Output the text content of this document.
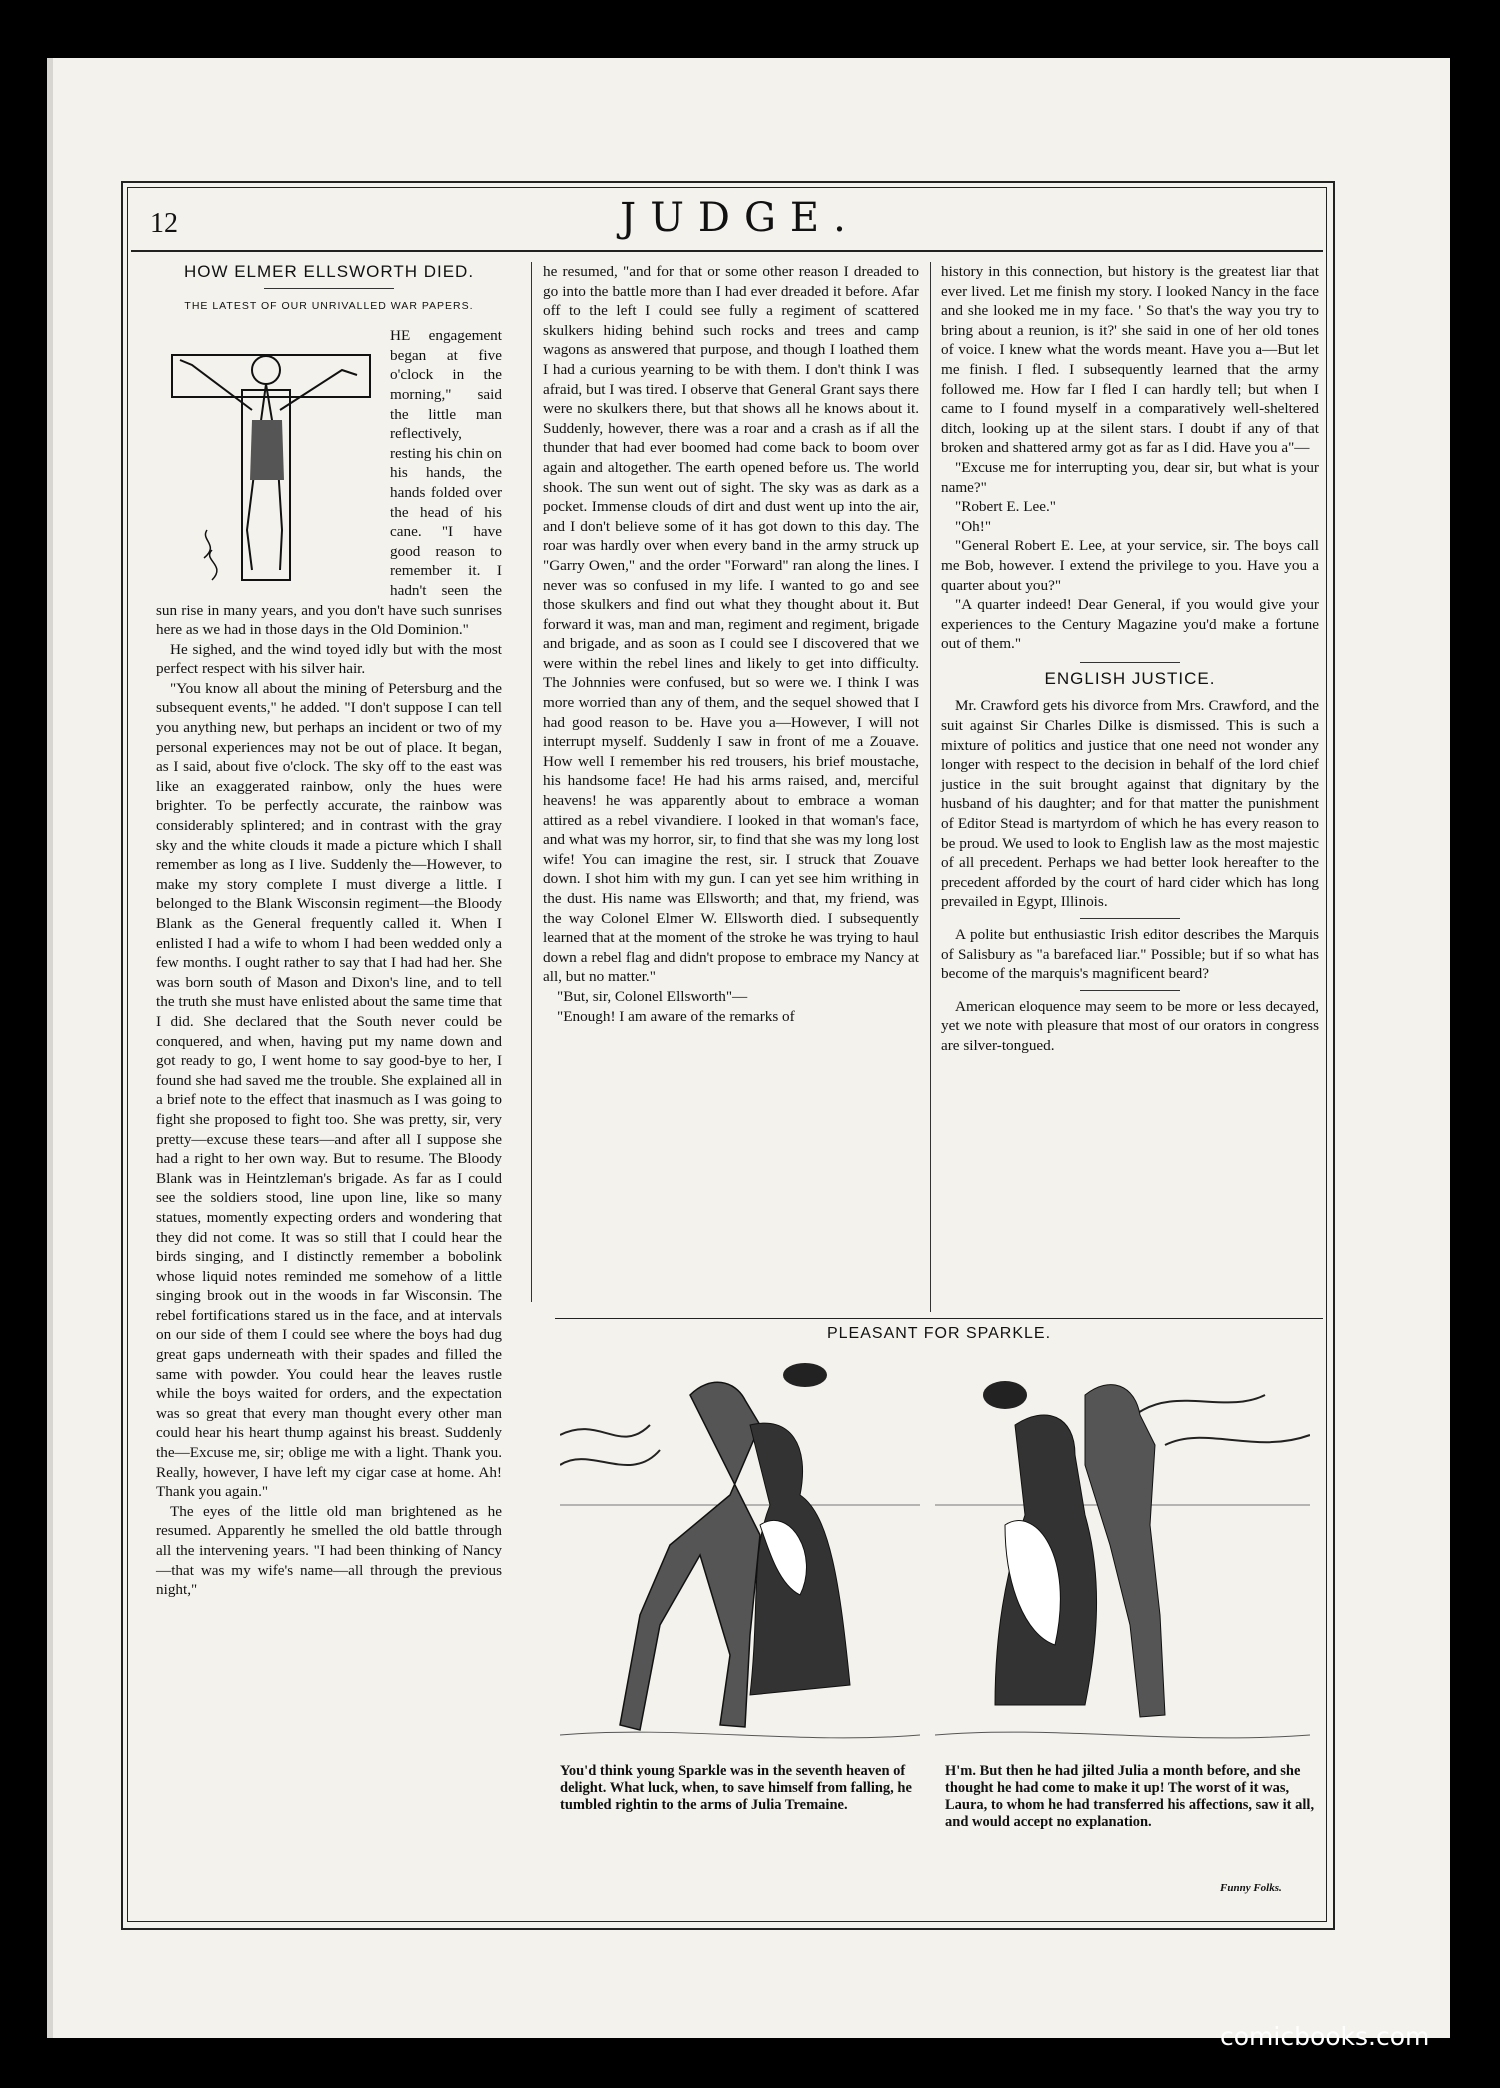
12	JUDGE.
HOW ELMER ELLSWORTH DIED.
THE LATEST OF OUR UNRIVALLED WAR PAPERS.

HE engagement began at five o'clock in the morning," said the little man reflectively, resting his chin on his hands, the hands folded over the head of his cane. "I have good reason to remember it. I hadn't seen the sun rise in many years, and you don't have such sunrises here as we had in those days in the Old Dominion."

He sighed, and the wind toyed idly but with the most perfect respect with his silver hair.

"You know all about the mining of Petersburg and the subsequent events," he added. "I don't suppose I can tell you anything new, but perhaps an incident or two of my personal experiences may not be out of place. It began, as I said, about five o'clock. The sky off to the east was like an exaggerated rainbow, only the hues were brighter. To be perfectly accurate, the rainbow was considerably splintered; and in contrast with the gray sky and the white clouds it made a picture which I shall remember as long as I live. Suddenly the—However, to make my story complete I must diverge a little. I belonged to the Blank Wisconsin regiment—the Bloody Blank as the General frequently called it. When I enlisted I had a wife to whom I had been wedded only a few months. I ought rather to say that I had had her. She was born south of Mason and Dixon's line, and to tell the truth she must have enlisted about the same time that I did. She declared that the South never could be conquered, and when, having put my name down and got ready to go, I went home to say good-bye to her, I found she had saved me the trouble. She explained all in a brief note to the effect that inasmuch as I was going to fight she proposed to fight too. She was pretty, sir, very pretty—excuse these tears—and after all I suppose she had a right to her own way. But to resume. The Bloody Blank was in Heintzleman's brigade. As far as I could see the soldiers stood, line upon line, like so many statues, momently expecting orders and wondering that they did not come. It was so still that I could hear the birds singing, and I distinctly remember a bobolink whose liquid notes reminded me somehow of a little singing brook out in the woods in far Wisconsin. The rebel fortifications stared us in the face, and at intervals on our side of them I could see where the boys had dug great gaps underneath with their spades and filled the same with powder. You could hear the leaves rustle while the boys waited for orders, and the expectation was so great that every man thought every other man could hear his heart thump against his breast. Suddenly the—Excuse me, sir; oblige me with a light. Thank you. Really, however, I have left my cigar case at home. Ah! Thank you again."

The eyes of the little old man brightened as he resumed. Apparently he smelled the old battle through all the intervening years. "I had been thinking of Nancy—that was my wife's name—all through the previous night,"

he resumed, "and for that or some other reason I dreaded to go into the battle more than I had ever dreaded it before. Afar off to the left I could see fully a regiment of scattered skulkers hiding behind such rocks and trees and camp wagons as answered that purpose, and though I loathed them I had a curious yearning to be with them. I don't think I was afraid, but I was tired. I observe that General Grant says there were no skulkers there, but that shows all he knows about it. Suddenly, however, there was a roar and a crash as if all the thunder that had ever boomed had come back to boom over again and altogether. The earth opened before us. The world shook. The sun went out of sight. The sky was as dark as a pocket. Immense clouds of dirt and dust went up into the air, and I don't believe some of it has got down to this day. The roar was hardly over when every band in the army struck up "Garry Owen," and the order "Forward" ran along the lines. I never was so confused in my life. I wanted to go and see those skulkers and find out what they thought about it. But forward it was, man and man, regiment and regiment, brigade and brigade, and as soon as I could see I discovered that we were within the rebel lines and likely to get into difficulty. The Johnnies were confused, but so were we. I think I was more worried than any of them, and the sequel showed that I had good reason to be. Have you a—However, I will not interrupt myself. Suddenly I saw in front of me a Zouave. How well I remember his red trousers, his brief moustache, his handsome face! He had his arms raised, and, merciful heavens! he was apparently about to embrace a woman attired as a rebel vivandiere. I looked in that woman's face, and what was my horror, sir, to find that she was my long lost wife! You can imagine the rest, sir. I struck that Zouave down. I shot him with my gun. I can yet see him writhing in the dust. His name was Ellsworth; and that, my friend, was the way Colonel Elmer W. Ellsworth died. I subsequently learned that at the moment of the stroke he was trying to haul down a rebel flag and didn't propose to embrace my Nancy at all, but no matter."

"But, sir, Colonel Ellsworth"—

"Enough! I am aware of the remarks of

history in this connection, but history is the greatest liar that ever lived. Let me finish my story. I looked Nancy in the face and she looked me in my face. ' So that's the way you try to bring about a reunion, is it?' she said in one of her old tones of voice. I knew what the words meant. Have you a—But let me finish. I fled. I subsequently learned that the army followed me. How far I fled I can hardly tell; but when I came to I found myself in a comparatively well-sheltered ditch, looking up at the silent stars. I doubt if any of that broken and shattered army got as far as I did. Have you a"—

"Excuse me for interrupting you, dear sir, but what is your name?"

"Robert E. Lee."

"Oh!"

"General Robert E. Lee, at your service, sir. The boys call me Bob, however. I extend the privilege to you. Have you a quarter about you?"

"A quarter indeed! Dear General, if you would give your experiences to the Century Magazine you'd make a fortune out of them."

ENGLISH JUSTICE.

Mr. Crawford gets his divorce from Mrs. Crawford, and the suit against Sir Charles Dilke is dismissed. This is such a mixture of politics and justice that one need not wonder any longer with respect to the decision in behalf of the lord chief justice in the suit brought against that dignitary by the husband of his daughter; and for that matter the punishment of Editor Stead is martyrdom of which he has every reason to be proud. We used to look to English law as the most majestic of all precedent. Perhaps we had better look hereafter to the precedent afforded by the court of hard cider which has long prevailed in Egypt, Illinois.

A polite but enthusiastic Irish editor describes the Marquis of Salisbury as "a barefaced liar." Possible; but if so what has become of the marquis's magnificent beard?

American eloquence may seem to be more or less decayed, yet we note with pleasure that most of our orators in congress are silver-tongued.

PLEASANT FOR SPARKLE.
You'd think young Sparkle was in the seventh heaven of delight. What luck, when, to save himself from falling, he tumbled rightin to the arms of Julia Tremaine.
H'm. But then he had jilted Julia a month before, and she thought he had come to make it up! The worst of it was, Laura, to whom he had transferred his affections, saw it all, and would accept no explanation.
Funny Folks.
comicbooks.com
